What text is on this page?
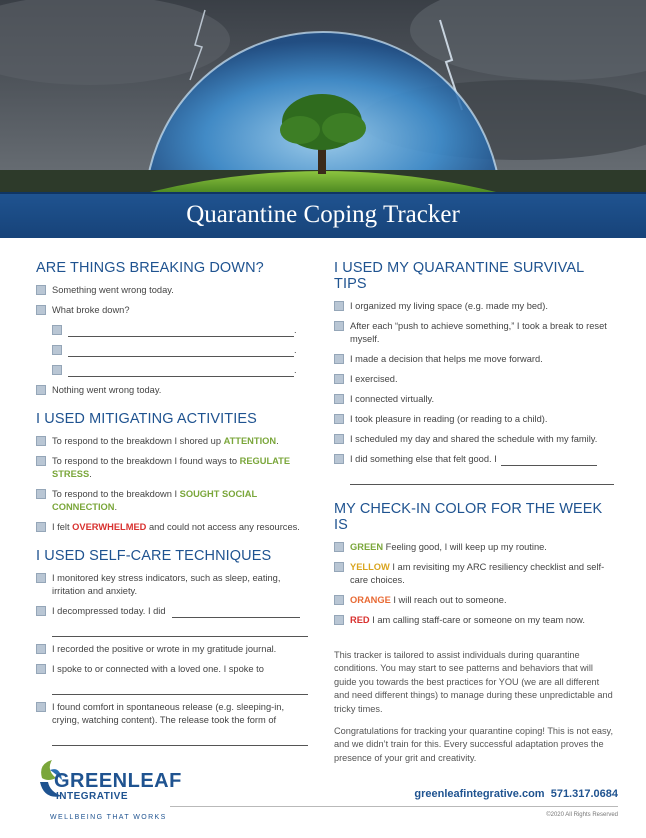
Quarantine Coping Tracker
ARE THINGS BREAKING DOWN?
Something went wrong today.
What broke down?
.
.
.
Nothing went wrong today.
I USED MITIGATING ACTIVITIES
To respond to the breakdown I shored up ATTENTION.
To respond to the breakdown I found ways to REGULATE STRESS.
To respond to the breakdown I SOUGHT SOCIAL CONNECTION.
I felt OVERWHELMED and could not access any resources.
I USED SELF-CARE TECHNIQUES
I monitored key stress indicators, such as sleep, eating, irritation and anxiety.
I decompressed today. I did
I recorded the positive or wrote in my gratitude journal.
I spoke to or connected with a loved one. I spoke to
I found comfort in spontaneous release (e.g. sleeping-in, crying, watching content). The release took the form of
I USED MY QUARANTINE SURVIVAL TIPS
I organized my living space (e.g. made my bed).
After each “push to achieve something,” I took a break to reset myself.
I made a decision that helps me move forward.
I exercised.
I connected virtually.
I took pleasure in reading (or reading to a child).
I scheduled my day and shared the schedule with my family.
I did something else that felt good. I
MY CHECK-IN COLOR FOR THE WEEK IS
GREEN Feeling good, I will keep up my routine.
YELLOW I am revisiting my ARC resiliency checklist and self-care choices.
ORANGE I will reach out to someone.
RED I am calling staff-care or someone on my team now.

This tracker is tailored to assist individuals during quarantine conditions. You may start to see patterns and behaviors that will guide you towards the best practices for YOU (we are all different and need different things) to manage during these unpredictable and tricky times.

Congratulations for tracking your quarantine coping! This is not easy, and we didn’t train for this. Every successful adaptation proves the presence of your grit and creativity.

GREENLEAF
INTEGRATIVE
WELLBEING THAT WORKS
greenleafintegrative.com 571.317.0684
©2020 All Rights Reserved
